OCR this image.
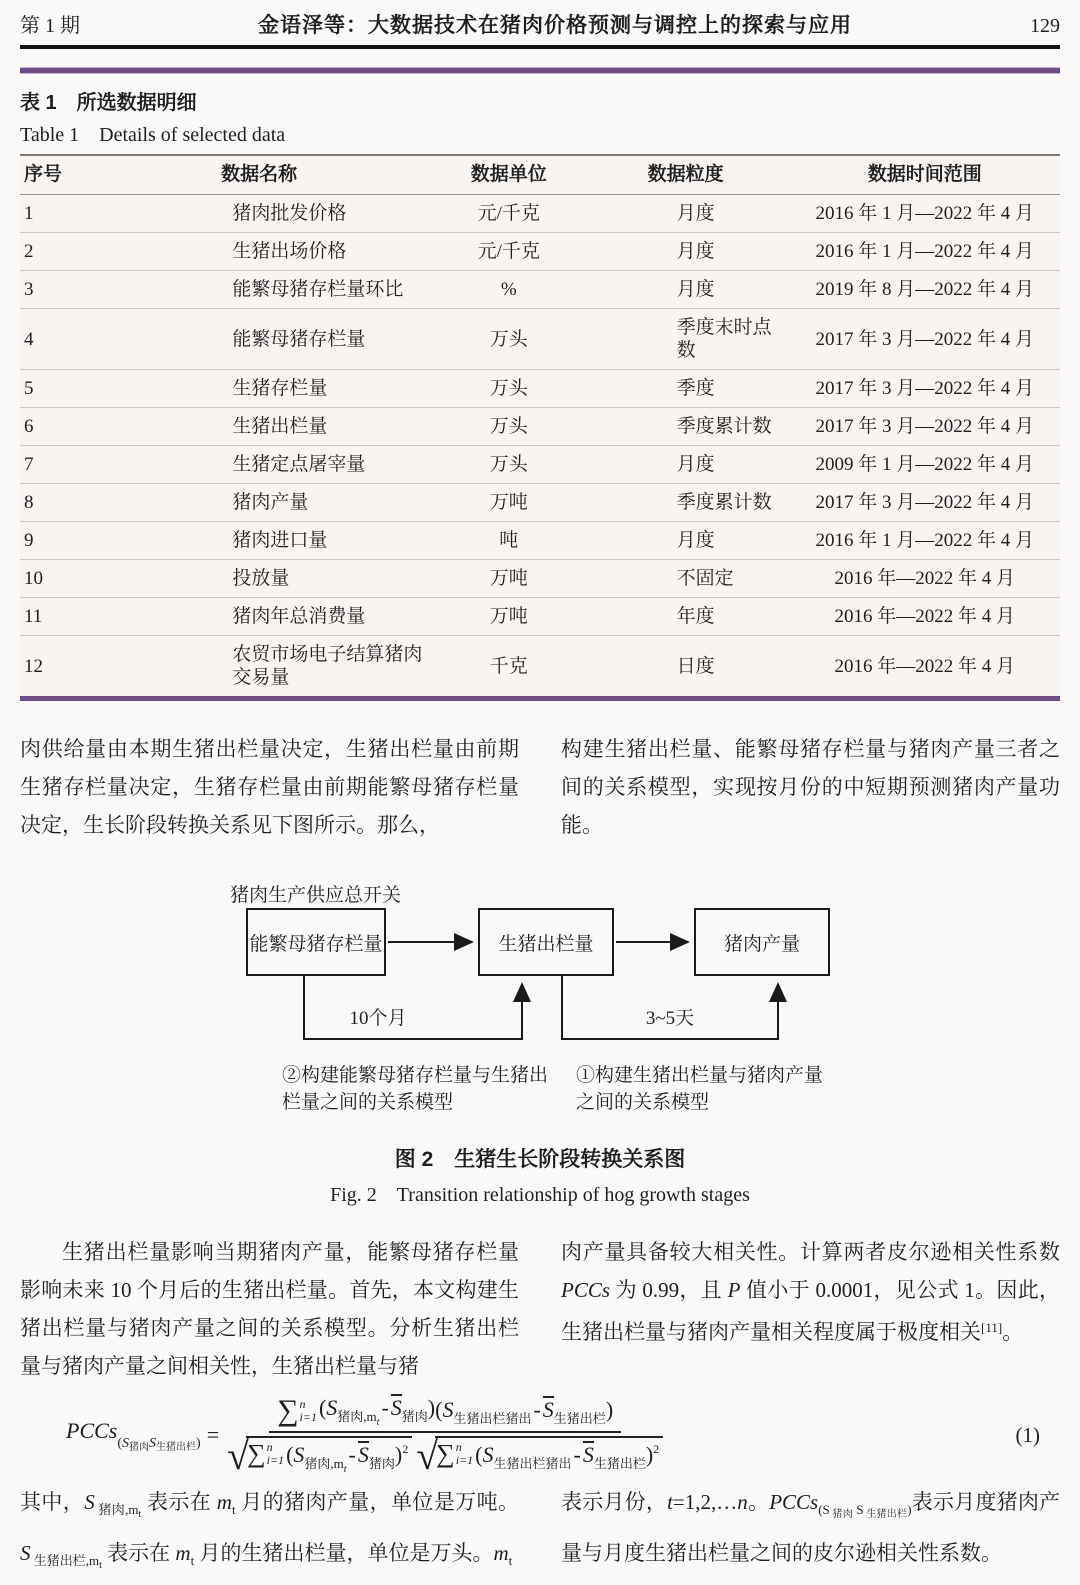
第 1 期	金语泽等：大数据技术在猪肉价格预测与调控上的探索与应用	129
表 1　所选数据明细
Table 1　Details of selected data
序号	数据名称	数据单位	数据粒度	数据时间范围
1	猪肉批发价格	元/千克	月度	2016 年 1 月—2022 年 4 月
2	生猪出场价格	元/千克	月度	2016 年 1 月—2022 年 4 月
3	能繁母猪存栏量环比	%	月度	2019 年 8 月—2022 年 4 月
4	能繁母猪存栏量	万头	季度末时点数	2017 年 3 月—2022 年 4 月
5	生猪存栏量	万头	季度	2017 年 3 月—2022 年 4 月
6	生猪出栏量	万头	季度累计数	2017 年 3 月—2022 年 4 月
7	生猪定点屠宰量	万头	月度	2009 年 1 月—2022 年 4 月
8	猪肉产量	万吨	季度累计数	2017 年 3 月—2022 年 4 月
9	猪肉进口量	吨	月度	2016 年 1 月—2022 年 4 月
10	投放量	万吨	不固定	2016 年—2022 年 4 月
11	猪肉年总消费量	万吨	年度	2016 年—2022 年 4 月
12	农贸市场电子结算猪肉交易量	千克	日度	2016 年—2022 年 4 月
肉供给量由本期生猪出栏量决定，生猪出栏量由前期生猪存栏量决定，生猪存栏量由前期能繁母猪存栏量决定，生长阶段转换关系见下图所示。那么，
构建生猪出栏量、能繁母猪存栏量与猪肉产量三者之间的关系模型，实现按月份的中短期预测猪肉产量功能。
猪肉生产供应总开关
能繁母猪存栏量	生猪出栏量	猪肉产量
10个月	3~5天
②构建能繁母猪存栏量与生猪出
栏量之间的关系模型
①构建生猪出栏量与猪肉产量
之间的关系模型
图 2　生猪生长阶段转换关系图
Fig. 2　Transition relationship of hog growth stages
生猪出栏量影响当期猪肉产量，能繁母猪存栏量影响未来 10 个月后的生猪出栏量。首先，本文构建生猪出栏量与猪肉产量之间的关系模型。分析生猪出栏量与猪肉产量之间相关性，生猪出栏量与猪
肉产量具备较大相关性。计算两者皮尔逊相关性系数 PCCs 为 0.99，且 P 值小于 0.0001，见公式 1。因此，生猪出栏量与猪肉产量相关程度属于极度相关[11]。
PCCs$_{(S_{猪肉}S_{生猪出栏})}$ = ∑ n
i=1 $(S_{猪肉,mt}-S_{猪肉})$ $(S_{生猪出栏猪出}-S_{生猪出栏})$
√
∑ n
i=1 $(S_{猪肉,mt}-S_{猪肉})^2$ √
∑ n
i=1 $(S_{生猪出栏猪出}-S_{生猪出栏})^2$	(1)
其中，S $_{猪肉,mt}$ 表示在 $m_t$ 月的猪肉产量，单位是万吨。S $_{生猪出栏,mt}$ 表示在 $m_t$ 月的生猪出栏量，单位是万头。$m_t$
表示月份，t=1,2,…n。PCCs$_{(S}$ $_{猪肉}$ $_S$ $_{生猪出栏)}$表示月度猪肉产量与月度生猪出栏量之间的皮尔逊相关性系数。
